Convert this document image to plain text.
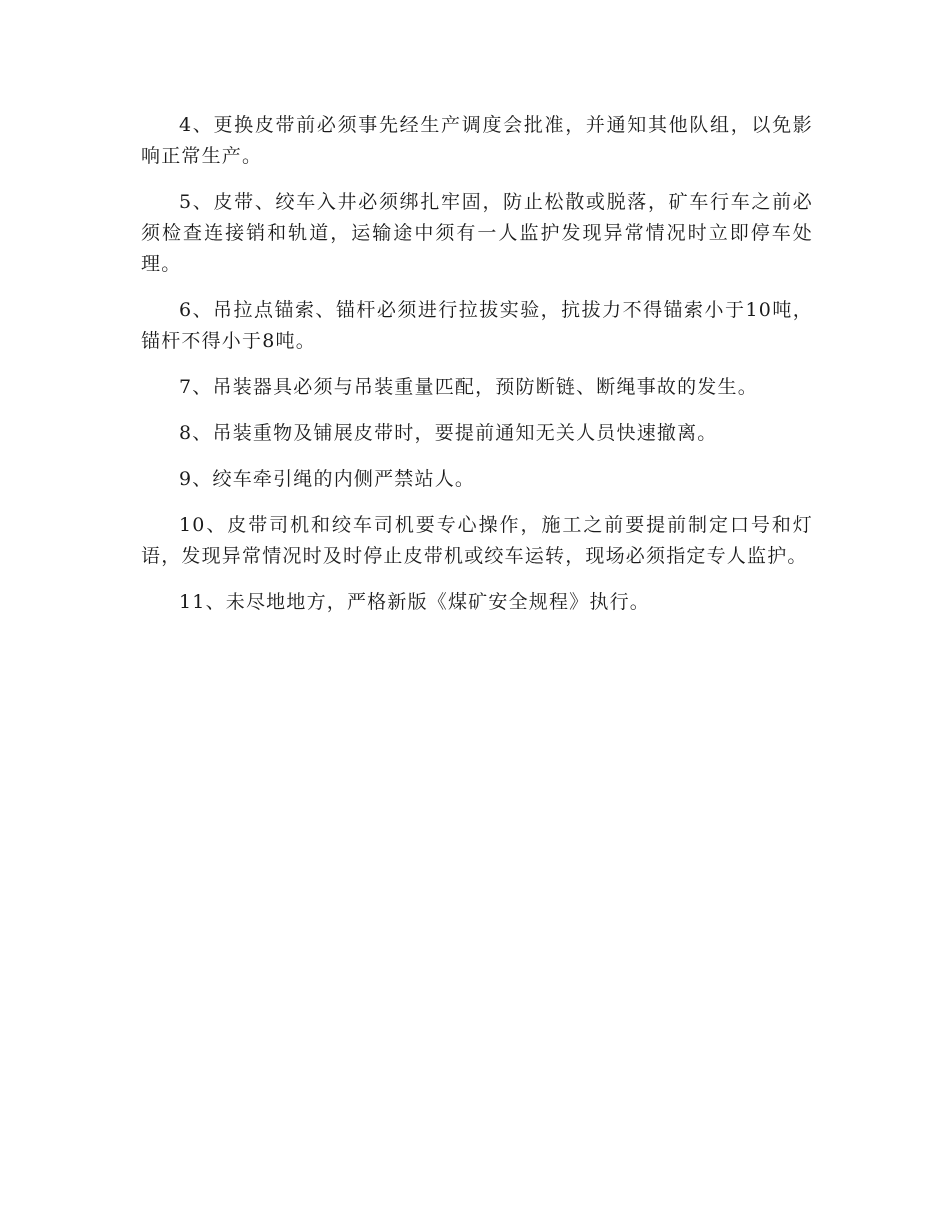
4、更换皮带前必须事先经生产调度会批准，并通知其他队组，以免影响正常生产。

5、皮带、绞车入井必须绑扎牢固，防止松散或脱落，矿车行车之前必须检查连接销和轨道，运输途中须有一人监护发现异常情况时立即停车处理。

6、吊拉点锚索、锚杆必须进行拉拔实验，抗拔力不得锚索小于10吨，锚杆不得小于8吨。

7、吊装器具必须与吊装重量匹配，预防断链、断绳事故的发生。

8、吊装重物及铺展皮带时，要提前通知无关人员快速撤离。

9、绞车牵引绳的内侧严禁站人。

10、皮带司机和绞车司机要专心操作，施工之前要提前制定口号和灯语，发现异常情况时及时停止皮带机或绞车运转，现场必须指定专人监护。

11、未尽地地方，严格新版《煤矿安全规程》执行。
